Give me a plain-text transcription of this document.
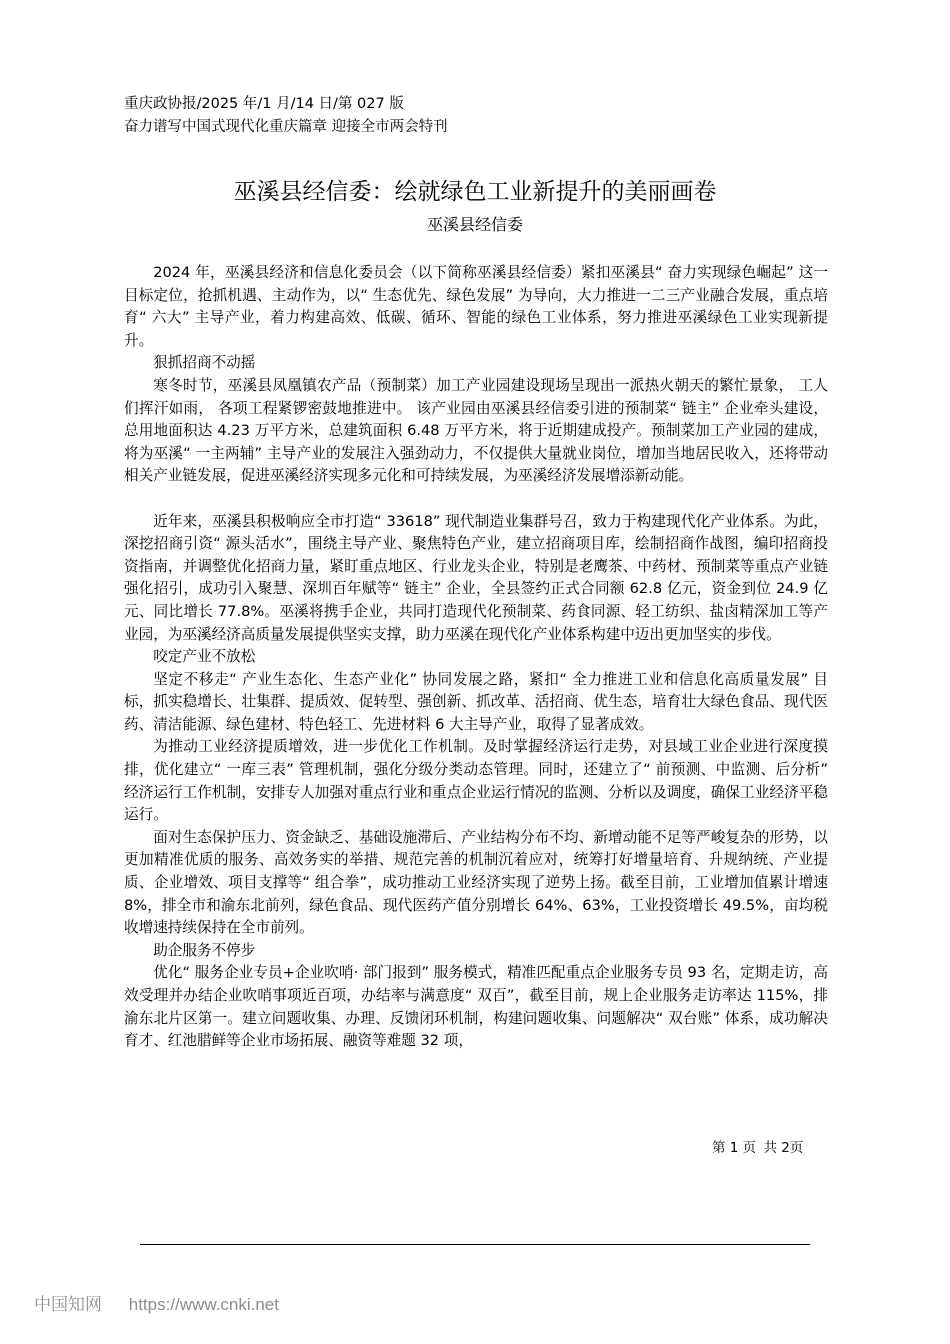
重庆政协报/2025 年/1 月/14 日/第 027 版
奋力谱写中国式现代化重庆篇章 迎接全市两会特刊
巫溪县经信委：绘就绿色工业新提升的美丽画卷
巫溪县经信委

2024 年，巫溪县经济和信息化委员会（以下简称巫溪县经信委）紧扣巫溪县“ 奋力实现绿色崛起” 这一目标定位，抢抓机遇、主动作为，以“ 生态优先、绿色发展” 为导向，大力推进一二三产业融合发展，重点培育“ 六大” 主导产业，着力构建高效、低碳、循环、智能的绿色工业体系，努力推进巫溪绿色工业实现新提升。

狠抓招商不动摇

寒冬时节，巫溪县凤凰镇农产品（预制菜）加工产业园建设现场呈现出一派热火朝天的繁忙景象， 工人们挥汗如雨， 各项工程紧锣密鼓地推进中。 该产业园由巫溪县经信委引进的预制菜“ 链主” 企业牵头建设，总用地面积达 4.23 万平方米，总建筑面积 6.48 万平方米，将于近期建成投产。预制菜加工产业园的建成，将为巫溪“ 一主两辅” 主导产业的发展注入强劲动力，不仅提供大量就业岗位，增加当地居民收入，还将带动相关产业链发展，促进巫溪经济实现多元化和可持续发展，为巫溪经济发展增添新动能。

近年来，巫溪县积极响应全市打造“ 33618” 现代制造业集群号召，致力于构建现代化产业体系。为此，深挖招商引资“ 源头活水”，围绕主导产业、聚焦特色产业，建立招商项目库，绘制招商作战图，编印招商投资指南，并调整优化招商力量，紧盯重点地区、行业龙头企业，特别是老鹰茶、中药材、预制菜等重点产业链强化招引，成功引入聚慧、深圳百年赋等“ 链主” 企业，全县签约正式合同额 62.8 亿元，资金到位 24.9 亿元、同比增长 77.8%。巫溪将携手企业，共同打造现代化预制菜、药食同源、轻工纺织、盐卤精深加工等产业园，为巫溪经济高质量发展提供坚实支撑，助力巫溪在现代化产业体系构建中迈出更加坚实的步伐。

咬定产业不放松

坚定不移走“ 产业生态化、生态产业化” 协同发展之路，紧扣“ 全力推进工业和信息化高质量发展” 目标，抓实稳增长、壮集群、提质效、促转型、强创新、抓改革、活招商、优生态，培育壮大绿色食品、现代医药、清洁能源、绿色建材、特色轻工、先进材料 6 大主导产业，取得了显著成效。

为推动工业经济提质增效，进一步优化工作机制。及时掌握经济运行走势，对县域工业企业进行深度摸排，优化建立“ 一库三表” 管理机制，强化分级分类动态管理。同时，还建立了“ 前预测、中监测、后分析” 经济运行工作机制，安排专人加强对重点行业和重点企业运行情况的监测、分析以及调度，确保工业经济平稳运行。

面对生态保护压力、资金缺乏、基础设施滞后、产业结构分布不均、新增动能不足等严峻复杂的形势，以更加精准优质的服务、高效务实的举措、规范完善的机制沉着应对，统筹打好增量培育、升规纳统、产业提质、企业增效、项目支撑等“ 组合拳”，成功推动工业经济实现了逆势上扬。截至目前，工业增加值累计增速 8%，排全市和渝东北前列，绿色食品、现代医药产值分别增长 64%、63%，工业投资增长 49.5%，亩均税收增速持续保持在全市前列。

助企服务不停步

优化“ 服务企业专员+企业吹哨· 部门报到” 服务模式，精准匹配重点企业服务专员 93 名，定期走访，高效受理并办结企业吹哨事项近百项，办结率与满意度“ 双百”，截至目前，规上企业服务走访率达 115%，排渝东北片区第一。建立问题收集、办理、反馈闭环机制，构建问题收集、问题解决“ 双台账” 体系，成功解决育才、红池腊鲜等企业市场拓展、融资等难题 32 项，

第 1 页 共 2页
中国知网 https://www.cnki.net
